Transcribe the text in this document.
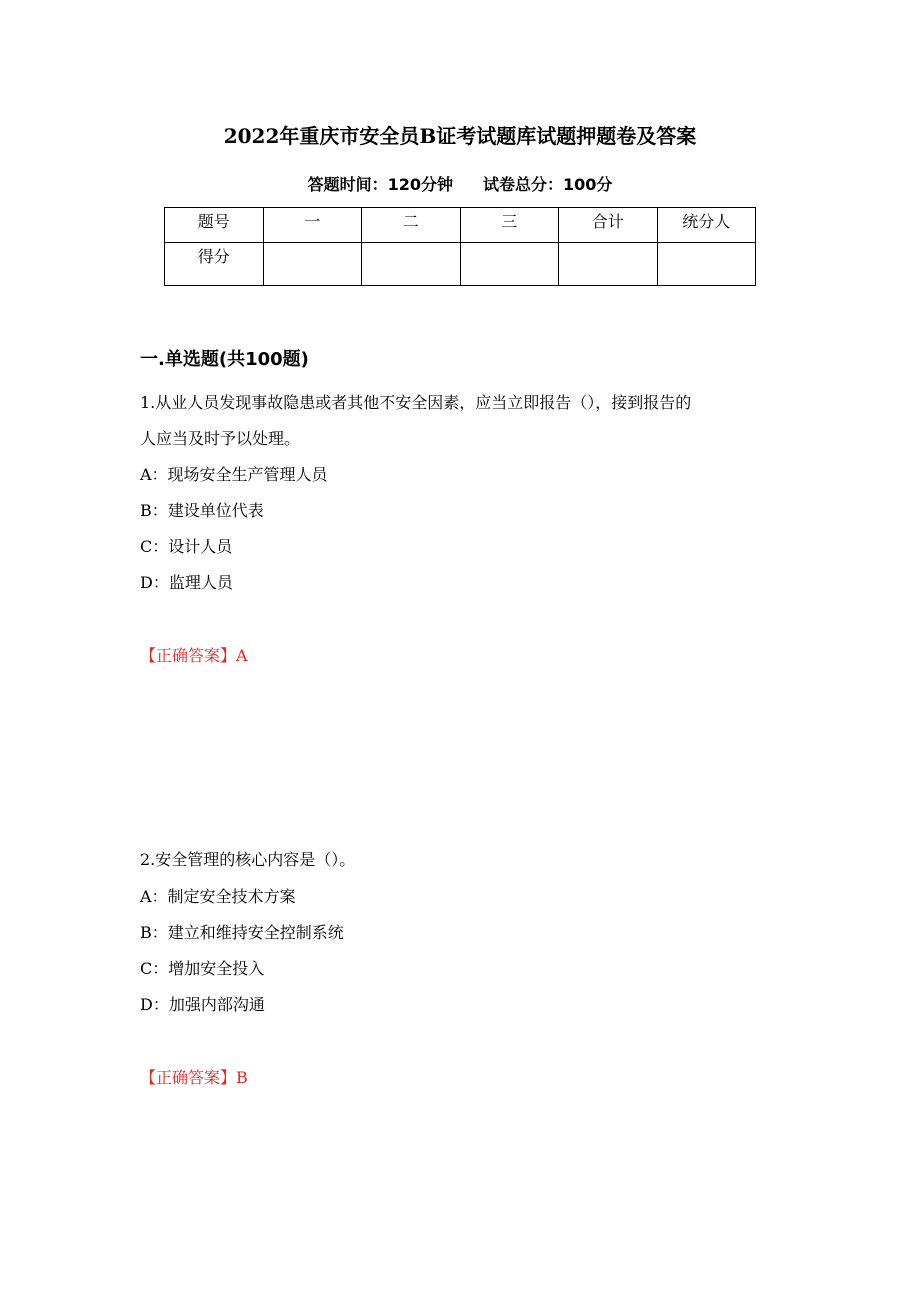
2022年重庆市安全员B证考试题库试题押题卷及答案
答题时间：120分钟 试卷总分：100分
题号	一	二	三	合计	统分人
得分					
一.单选题(共100题)
1.从业人员发现事故隐患或者其他不安全因素，应当立即报告（），接到报告的
人应当及时予以处理。
A：现场安全生产管理人员
B：建设单位代表
C：设计人员
D：监理人员
【正确答案】A
2.安全管理的核心内容是（）。
A：制定安全技术方案
B：建立和维持安全控制系统
C：增加安全投入
D：加强内部沟通
【正确答案】B
